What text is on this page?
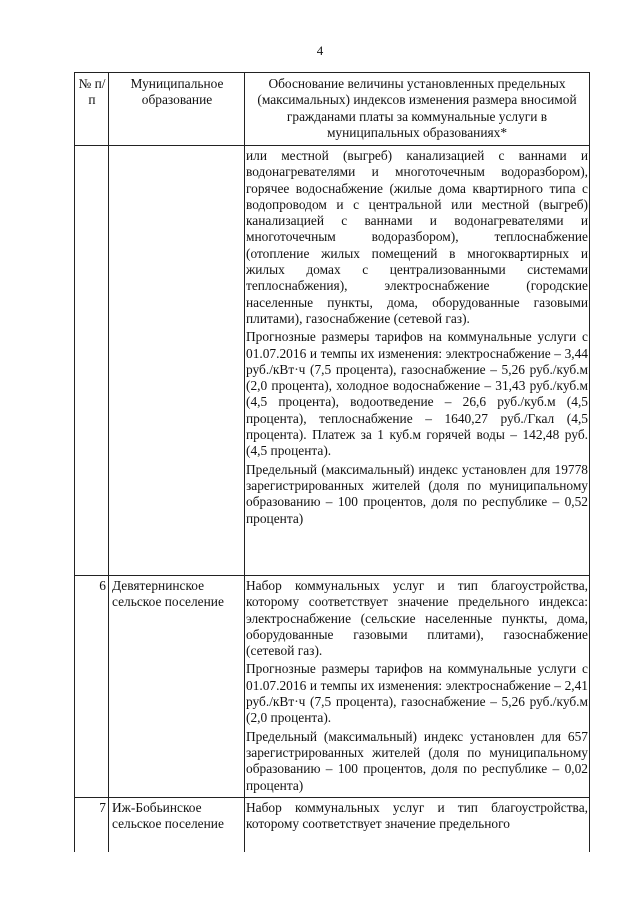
4
№ п/п
Муниципальное образование
Обоснование величины установленных предельных (максимальных) индексов изменения размера вносимой гражданами платы за коммунальные услуги в муниципальных образованиях*

или местной (выгреб) канализацией с ваннами и водонагревателями и многоточечным водоразбором), горячее водоснабжение (жилые дома квартирного типа с водопроводом и с центральной или местной (выгреб) канализацией с ваннами и водонагревателями и многоточечным водоразбором), теплоснабжение (отопление жилых помещений в многоквартирных и жилых домах с централизованными системами теплоснабжения), электроснабжение (городские населенные пункты, дома, оборудованные газовыми плитами), газоснабжение (сетевой газ).

Прогнозные размеры тарифов на коммунальные услуги с 01.07.2016 и темпы их изменения: электроснабжение – 3,44 руб./кВт·ч (7,5 процента), газоснабжение – 5,26 руб./куб.м (2,0 процента), холодное водоснабжение – 31,43 руб./куб.м (4,5 процента), водоотведение – 26,6 руб./куб.м (4,5 процента), теплоснабжение – 1640,27 руб./Гкал (4,5 процента). Платеж за 1 куб.м горячей воды – 142,48 руб. (4,5 процента).

Предельный (максимальный) индекс установлен для 19778 зарегистрированных жителей (доля по муниципальному образованию – 100 процентов, доля по республике – 0,52 процента)

6 Девятернинское сельское поселение

Набор коммунальных услуг и тип благоустройства, которому соответствует значение предельного индекса: электроснабжение (сельские населенные пункты, дома, оборудованные газовыми плитами), газоснабжение (сетевой газ).

Прогнозные размеры тарифов на коммунальные услуги с 01.07.2016 и темпы их изменения: электроснабжение – 2,41 руб./кВт·ч (7,5 процента), газоснабжение – 5,26 руб./куб.м (2,0 процента).

Предельный (максимальный) индекс установлен для 657 зарегистрированных жителей (доля по муниципальному образованию – 100 процентов, доля по республике – 0,02 процента)

7 Иж-Бобьинское сельское поселение

Набор коммунальных услуг и тип благоустройства, которому соответствует значение предельного
